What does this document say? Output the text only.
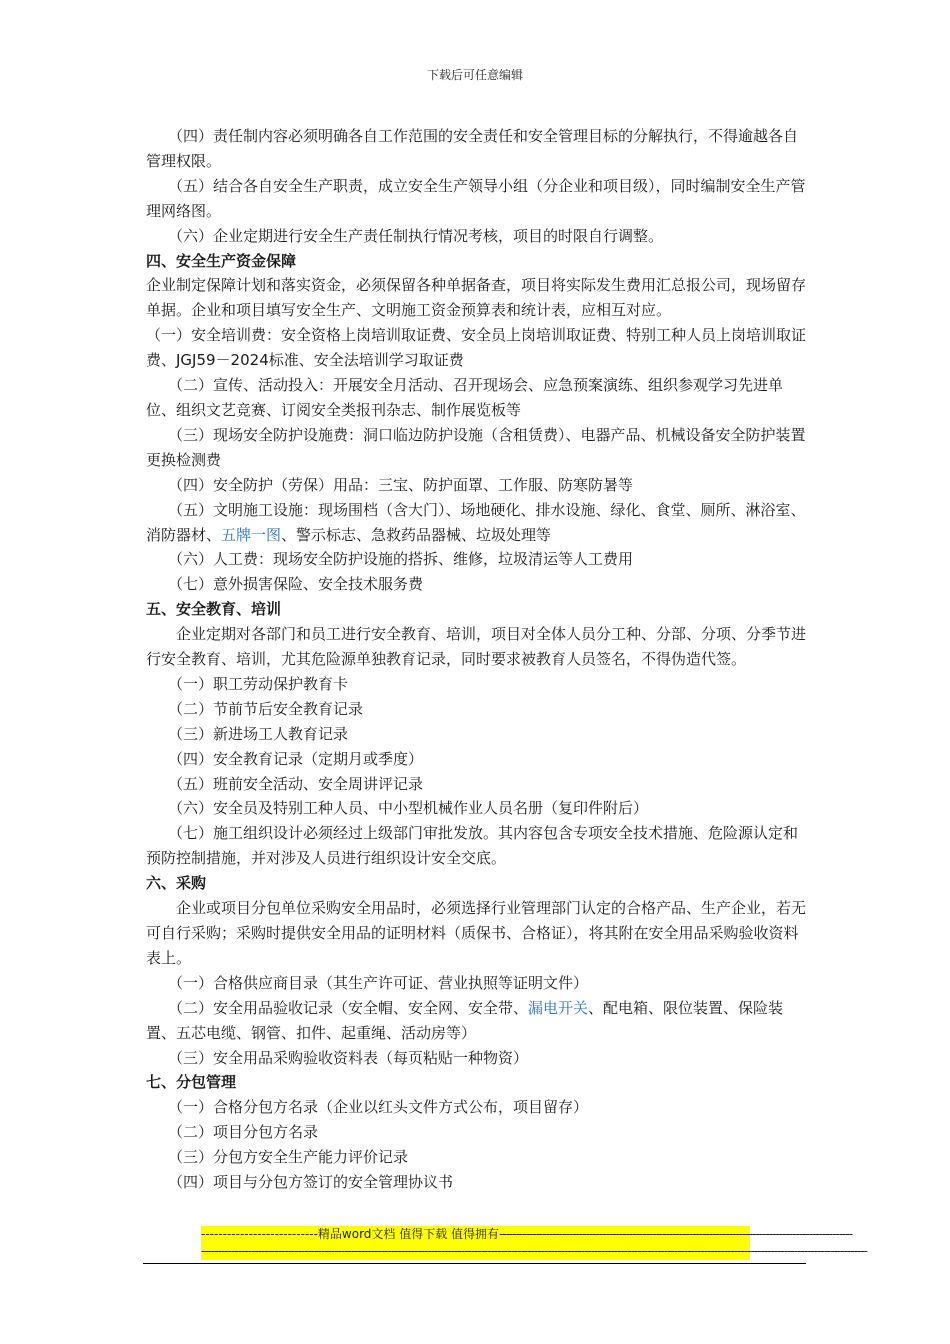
下载后可任意编辑

（四）责任制内容必须明确各自工作范围的安全责任和安全管理目标的分解执行，不得逾越各自管理权限。

（五）结合各自安全生产职责，成立安全生产领导小组（分企业和项目级），同时编制安全生产管理网络图。

（六）企业定期进行安全生产责任制执行情况考核，项目的时限自行调整。

四、安全生产资金保障

企业制定保障计划和落实资金，必须保留各种单据备查，项目将实际发生费用汇总报公司，现场留存单据。企业和项目填写安全生产、文明施工资金预算表和统计表，应相互对应。

（一）安全培训费：安全资格上岗培训取证费、安全员上岗培训取证费、特别工种人员上岗培训取证费、JGJ59－2024标准、安全法培训学习取证费

（二）宣传、活动投入：开展安全月活动、召开现场会、应急预案演练、组织参观学习先进单位、组织文艺竞赛、订阅安全类报刊杂志、制作展览板等

（三）现场安全防护设施费：洞口临边防护设施（含租赁费）、电器产品、机械设备安全防护装置更换检测费

（四）安全防护（劳保）用品：三宝、防护面罩、工作服、防寒防暑等

（五）文明施工设施：现场围档（含大门）、场地硬化、排水设施、绿化、食堂、厕所、淋浴室、消防器材、五牌一图、警示标志、急救药品器械、垃圾处理等

（六）人工费：现场安全防护设施的搭拆、维修，垃圾清运等人工费用

（七）意外损害保险、安全技术服务费

五、安全教育、培训

企业定期对各部门和员工进行安全教育、培训，项目对全体人员分工种、分部、分项、分季节进行安全教育、培训，尤其危险源单独教育记录，同时要求被教育人员签名，不得伪造代签。

（一）职工劳动保护教育卡

（二）节前节后安全教育记录

（三）新进场工人教育记录

（四）安全教育记录（定期月或季度）

（五）班前安全活动、安全周讲评记录

（六）安全员及特别工种人员、中小型机械作业人员名册（复印件附后）

（七）施工组织设计必须经过上级部门审批发放。其内容包含专项安全技术措施、危险源认定和预防控制措施，并对涉及人员进行组织设计安全交底。

六、采购

企业或项目分包单位采购安全用品时，必须选择行业管理部门认定的合格产品、生产企业，若无可自行采购；采购时提供安全用品的证明材料（质保书、合格证），将其附在安全用品采购验收资料表上。

（一）合格供应商目录（其生产许可证、营业执照等证明文件）

（二）安全用品验收记录（安全帽、安全网、安全带、漏电开关、配电箱、限位装置、保险装置、五芯电缆、钢管、扣件、起重绳、活动房等）

（三）安全用品采购验收资料表（每页粘贴一种物资）

七、分包管理

（一）合格分包方名录（企业以红头文件方式公布，项目留存）

（二）项目分包方名录

（三）分包方安全生产能力评价记录

（四）项目与分包方签订的安全管理协议书

--------------------------- 精品word文档 值得下载 值得拥有 ----------------------------------------------------------------------------------------------------------
--------------------------------------------------------------------------------------------------------------------------------------------------------------------------------------------------------
